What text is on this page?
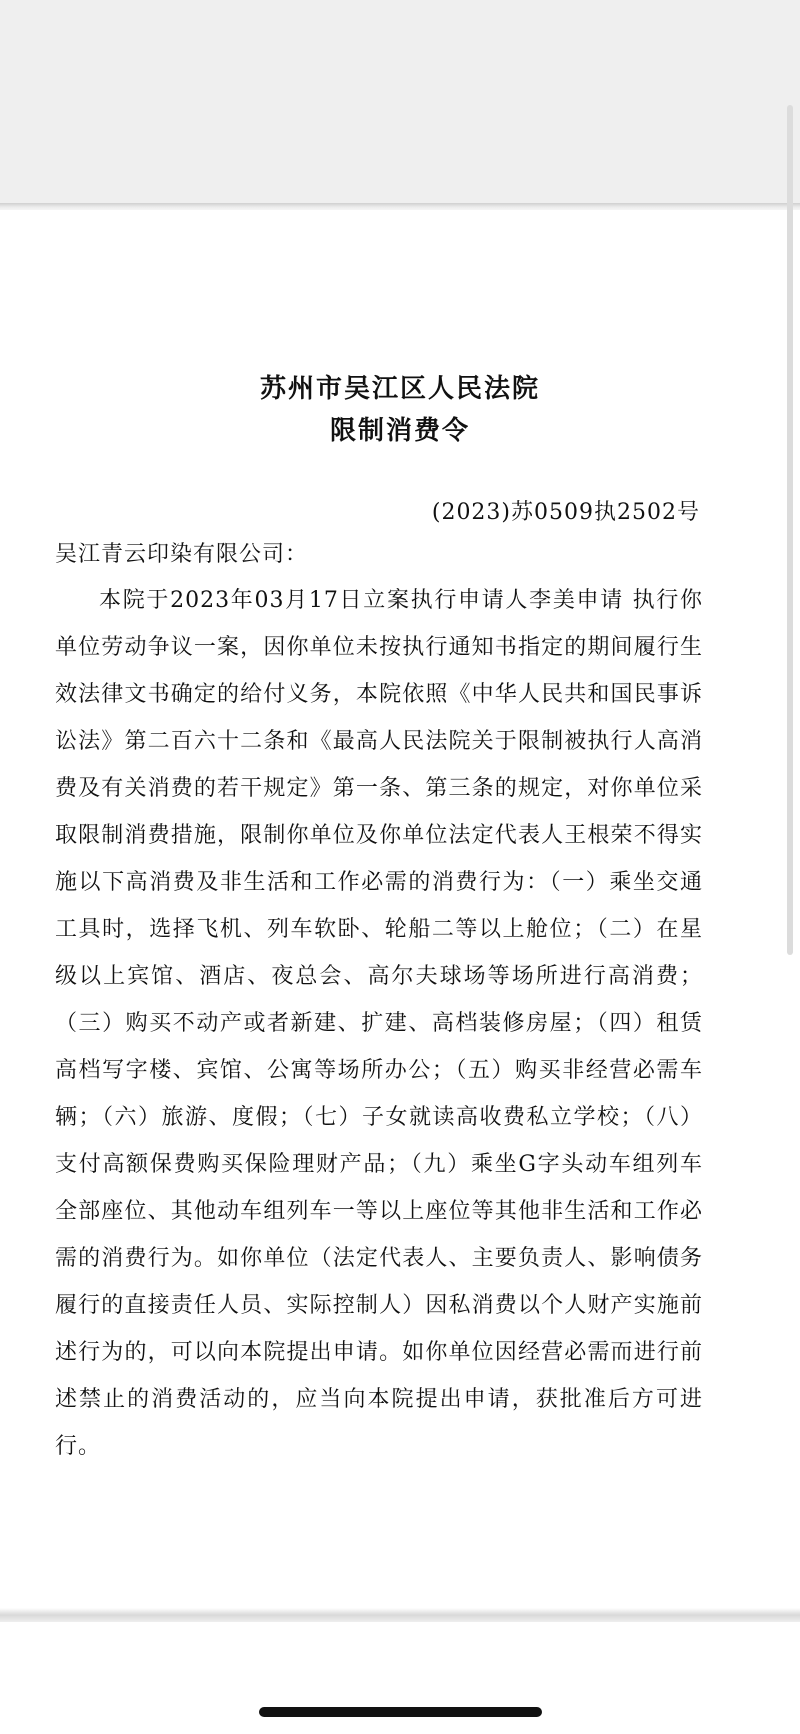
苏州市吴江区人民法院
限制消费令
(2023)苏0509执2502号
吴江青云印染有限公司：

本院于2023年03月17日立案执行申请人李美申请 执行你单位劳动争议一案，因你单位未按执行通知书指定的期间履行生效法律文书确定的给付义务，本院依照《中华人民共和国民事诉讼法》第二百六十二条和《最高人民法院关于限制被执行人高消费及有关消费的若干规定》第一条、第三条的规定，对你单位采取限制消费措施，限制你单位及你单位法定代表人王根荣不得实施以下高消费及非生活和工作必需的消费行为：（一）乘坐交通工具时，选择飞机、列车软卧、轮船二等以上舱位；（二）在星级以上宾馆、酒店、夜总会、高尔夫球场等场所进行高消费；（三）购买不动产或者新建、扩建、高档装修房屋；（四）租赁高档写字楼、宾馆、公寓等场所办公；（五）购买非经营必需车辆；（六）旅游、度假；（七）子女就读高收费私立学校；（八）支付高额保费购买保险理财产品；（九）乘坐G字头动车组列车全部座位、其他动车组列车一等以上座位等其他非生活和工作必需的消费行为。如你单位（法定代表人、主要负责人、影响债务履行的直接责任人员、实际控制人）因私消费以个人财产实施前述行为的，可以向本院提出申请。如你单位因经营必需而进行前述禁止的消费活动的，应当向本院提出申请，获批准后方可进行。
